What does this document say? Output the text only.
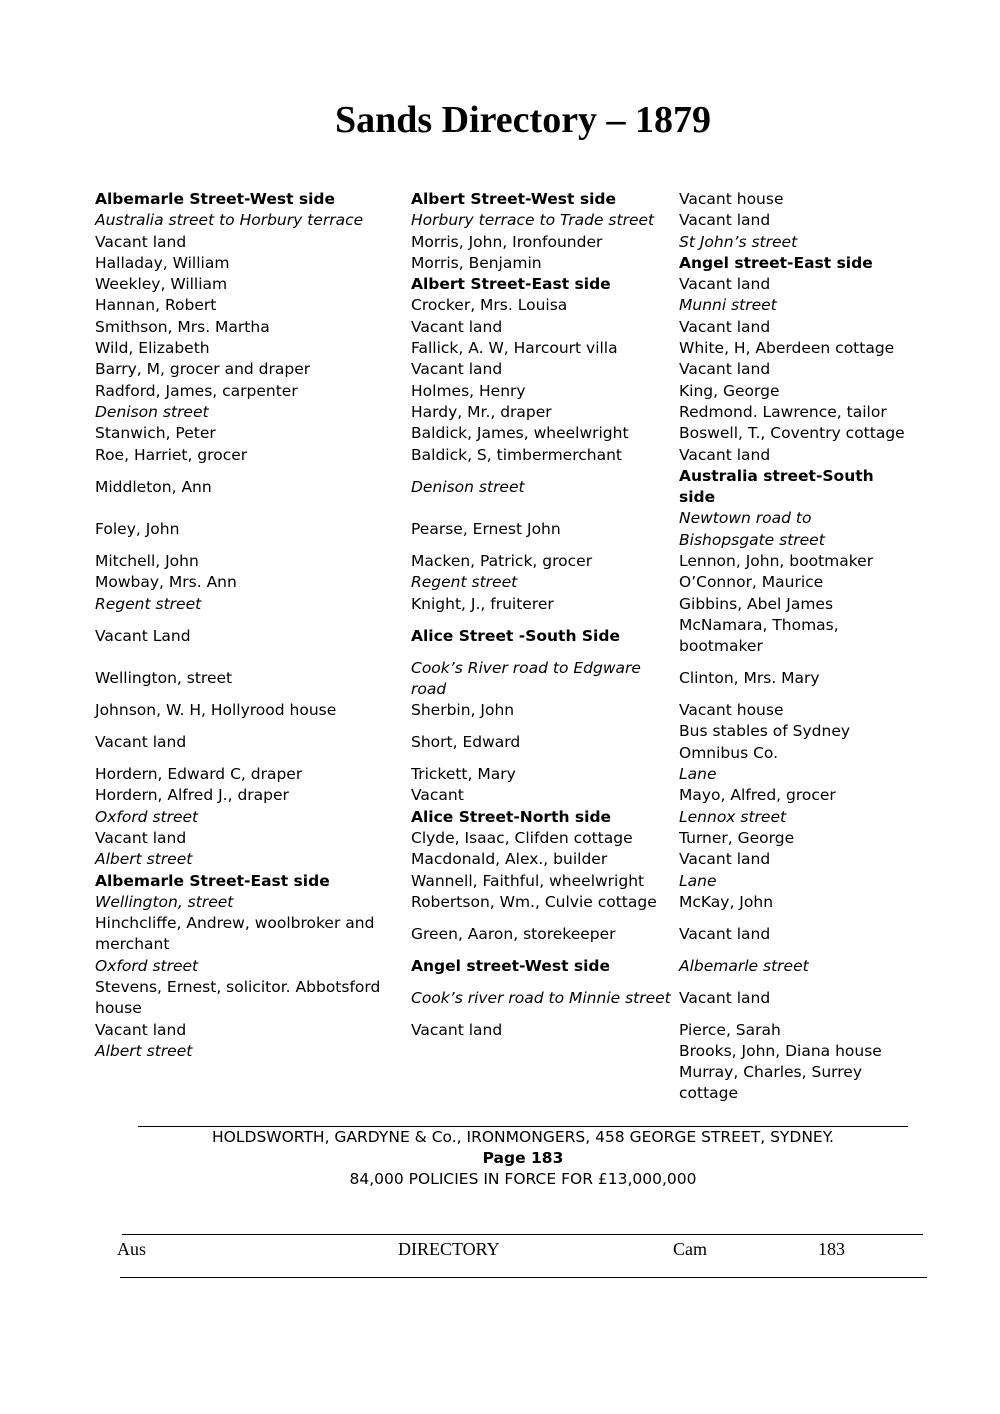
Sands Directory – 1879
Albemarle Street-West side
Australia street to Horbury terrace
Vacant land
Halladay, William
Weekley, William
Hannan, Robert
Smithson, Mrs. Martha
Wild, Elizabeth
Barry, M, grocer and draper
Radford, James, carpenter
Denison street
Stanwich, Peter
Roe, Harriet, grocer
Middleton, Ann
Foley, John
Mitchell, John
Mowbay, Mrs. Ann
Regent street
Vacant Land
Wellington, street
Johnson, W. H, Hollyrood house
Vacant land
Hordern, Edward C, draper
Hordern, Alfred J., draper
Oxford street
Vacant land
Albert street
Albemarle Street-East side
Wellington, street
Hinchcliffe, Andrew, woolbroker and merchant
Oxford street
Stevens, Ernest, solicitor. Abbotsford house
Vacant land
Albert street
Albert Street-West side
Horbury terrace to Trade street
Morris, John, Ironfounder
Morris, Benjamin
Albert Street-East side
Crocker, Mrs. Louisa
Vacant land
Fallick, A. W, Harcourt villa
Vacant land
Holmes, Henry
Hardy, Mr., draper
Baldick, James, wheelwright
Baldick, S, timbermerchant
Denison street
Pearse, Ernest John
Macken, Patrick, grocer
Regent street
Knight, J., fruiterer
Alice Street -South Side
Cook’s River road to Edgware road
Sherbin, John
Short, Edward
Trickett, Mary
Vacant
Alice Street-North side
Clyde, Isaac, Clifden cottage
Macdonald, Alex., builder
Wannell, Faithful, wheelwright
Robertson, Wm., Culvie cottage
Green, Aaron, storekeeper
Angel street-West side
Cook’s river road to Minnie street
Vacant land
Vacant house
Vacant land
St John’s street
Angel street-East side
Vacant land
Munni street
Vacant land
White, H, Aberdeen cottage
Vacant land
King, George
Redmond. Lawrence, tailor
Boswell, T., Coventry cottage
Vacant land
Australia street-South side
Newtown road to Bishopsgate street
Lennon, John, bootmaker
O’Connor, Maurice
Gibbins, Abel James
McNamara, Thomas, bootmaker
Clinton, Mrs. Mary
Vacant house
Bus stables of Sydney Omnibus Co.
Lane
Mayo, Alfred, grocer
Lennox street
Turner, George
Vacant land
Lane
McKay, John
Vacant land
Albemarle street
Vacant land
Pierce, Sarah
Brooks, John, Diana house
Murray, Charles, Surrey cottage
HOLDSWORTH, GARDYNE & Co., IRONMONGERS, 458 GEORGE STREET, SYDNEY.
Page 183
84,000 POLICIES IN FORCE FOR £13,000,000
Aus	DIRECTORY	Cam	183
